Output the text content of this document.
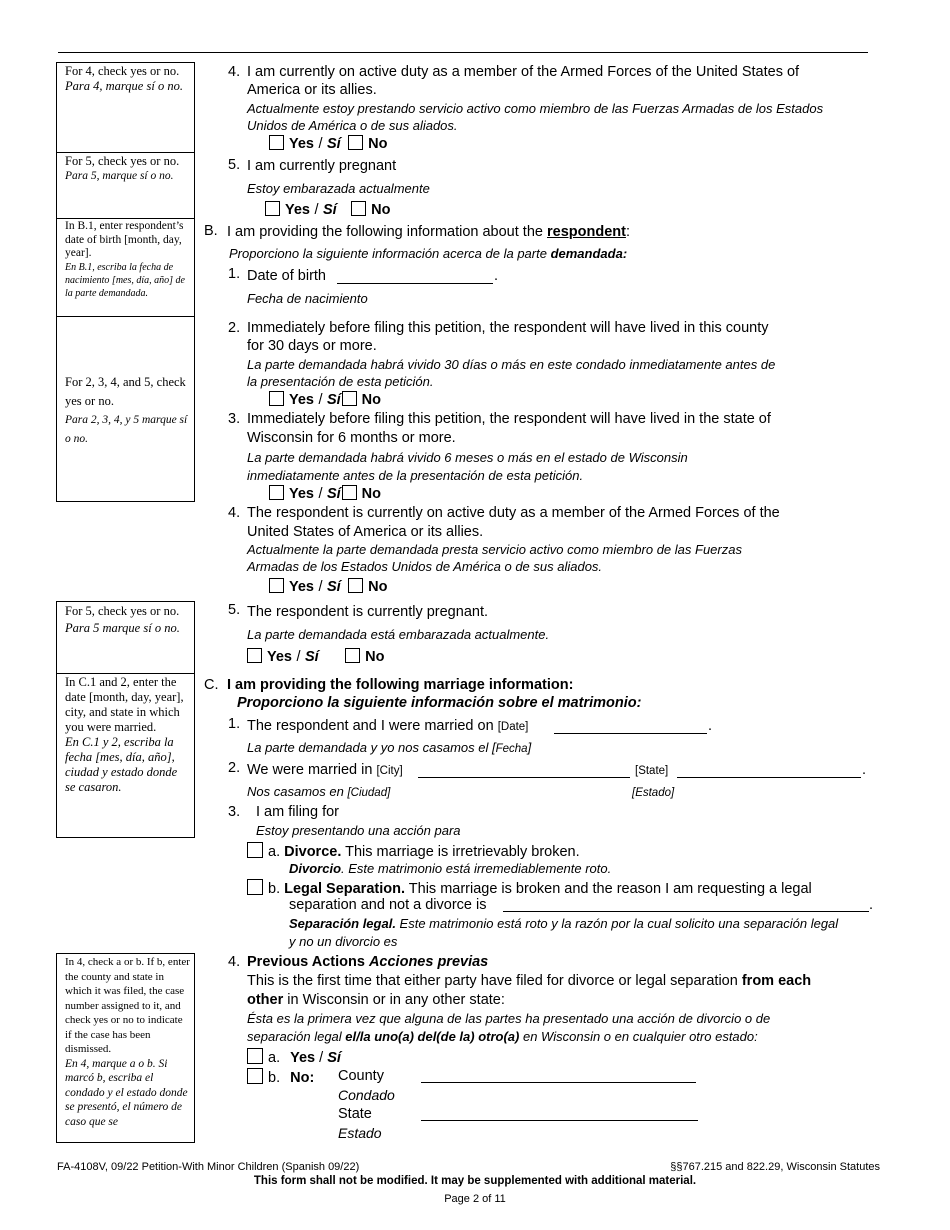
For 4, check yes or no.
Para 4, marque sí o no.
For 5, check yes or no.
Para 5, marque sí o no.
In B.1, enter respondent’s date of birth [month, day, year].
En B.1, escriba la fecha de nacimiento [mes, día, año] de la parte demandada.
For 2, 3, 4, and 5, check yes or no.
Para 2, 3, 4, y 5 marque sí o no.
For 5, check yes or no.
Para 5 marque sí o no.
In C.1 and 2, enter the date [month, day, year], city, and state in which you were married.
En C.1 y 2, escriba la fecha [mes, día, año], ciudad y estado donde se casaron.
In 4, check a or b. If b, enter the county and state in which it was filed, the case number assigned to it, and check yes or no to indicate if the case has been dismissed.
En 4, marque a o b. Si marcó b, escriba el condado y el estado donde se presentó, el número de caso que se
4. I am currently on active duty as a member of the Armed Forces of the United States of
America or its allies.
Actualmente estoy prestando servicio activo como miembro de las Fuerzas Armadas de los Estados
Unidos de América o de sus aliados.
Yes / Sí No
5. I am currently pregnant
Estoy embarazada actualmente
Yes / Sí No
B. I am providing the following information about the respondent:
Proporciono la siguiente información acerca de la parte demandada:
1. Date of birth	.
Fecha de nacimiento
2. Immediately before filing this petition, the respondent will have lived in this county
for 30 days or more.
La parte demandada habrá vivido 30 días o más en este condado inmediatamente antes de
la presentación de esta petición.
Yes / Sí No
3. Immediately before filing this petition, the respondent will have lived in the state of
Wisconsin for 6 months or more.
La parte demandada habrá vivido 6 meses o más en el estado de Wisconsin
inmediatamente antes de la presentación de esta petición.
Yes / Sí No
4. The respondent is currently on active duty as a member of the Armed Forces of the
United States of America or its allies.
Actualmente la parte demandada presta servicio activo como miembro de las Fuerzas
Armadas de los Estados Unidos de América o de sus aliados.
Yes / Sí No
5. The respondent is currently pregnant.
La parte demandada está embarazada actualmente.
Yes / Sí	No
C. I am providing the following marriage information:
Proporciono la siguiente información sobre el matrimonio:
1. The respondent and I were married on [Date]	.
La parte demandada y yo nos casamos el [Fecha]
2. We were married in [City]	[State]	.
Nos casamos en [Ciudad]	[Estado]
3. I am filing for
Estoy presentando una acción para
a. Divorce. This marriage is irretrievably broken.
Divorcio. Este matrimonio está irremediablemente roto.
b. Legal Separation. This marriage is broken and the reason I am requesting a legal
separation and not a divorce is	.
Separación legal. Este matrimonio está roto y la razón por la cual solicito una separación legal
y no un divorcio es
4. Previous Actions Acciones previas
This is the first time that either party have filed for divorce or legal separation from each
other in Wisconsin or in any other state:
Ésta es la primera vez que alguna de las partes ha presentado una acción de divorcio o de
separación legal el/la uno(a) del(de la) otro(a) en Wisconsin o en cualquier otro estado:
a. Yes / Sí
b. No: County
Condado
State
Estado
FA-4108V, 09/22 Petition-With Minor Children (Spanish 09/22)	§§767.215 and 822.29, Wisconsin Statutes
This form shall not be modified. It may be supplemented with additional material.
Page 2 of 11
